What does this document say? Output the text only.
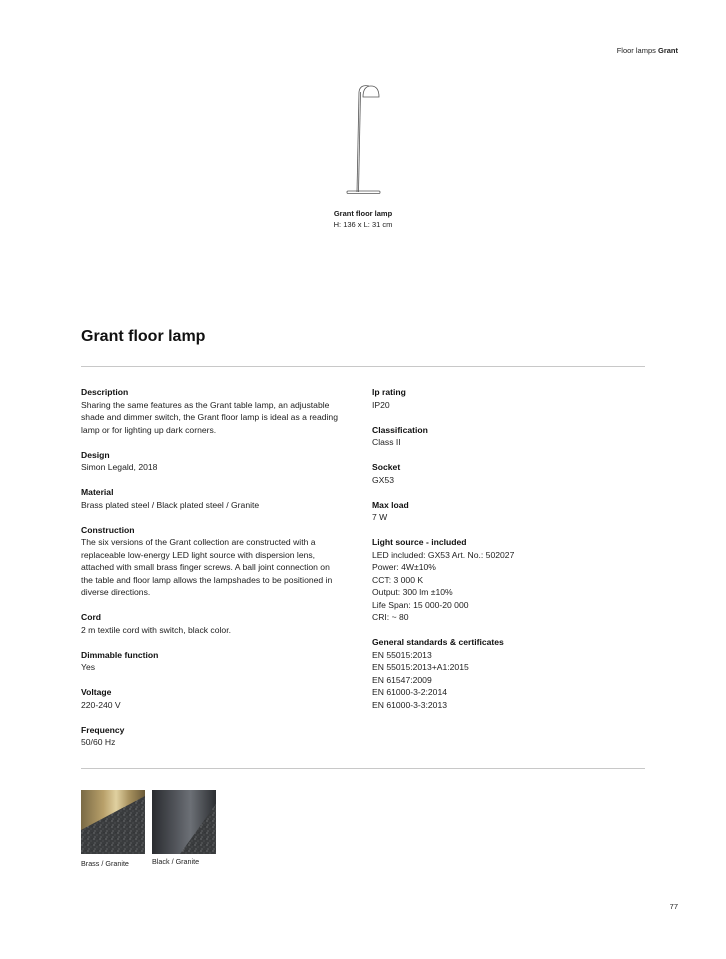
Floor lamps Grant
Grant floor lamp
H: 136 x L: 31 cm
Grant floor lamp
Description
Sharing the same features as the Grant table lamp, an adjustable
shade and dimmer switch, the Grant floor lamp is ideal as a reading
lamp or for lighting up dark corners.
Design
Simon Legald, 2018
Material
Brass plated steel / Black plated steel / Granite
Construction
The six versions of the Grant collection are constructed with a
replaceable low-energy LED light source with dispersion lens,
attached with small brass finger screws. A ball joint connection on
the table and floor lamp allows the lampshades to be positioned in
diverse directions.
Cord
2 m textile cord with switch, black color.
Dimmable function
Yes
Voltage
220-240 V
Frequency
50/60 Hz
Ip rating
IP20
Classification
Class II
Socket
GX53
Max load
7 W
Light source - included
LED included: GX53 Art. No.: 502027
Power: 4W±10%
CCT: 3 000 K
Output: 300 lm ±10%
Life Span: 15 000-20 000
CRI: ~ 80
General standards & certificates
EN 55015:2013
EN 55015:2013+A1:2015
EN 61547:2009
EN 61000-3-2:2014
EN 61000-3-3:2013
Brass / Granite	Black / Granite
77
